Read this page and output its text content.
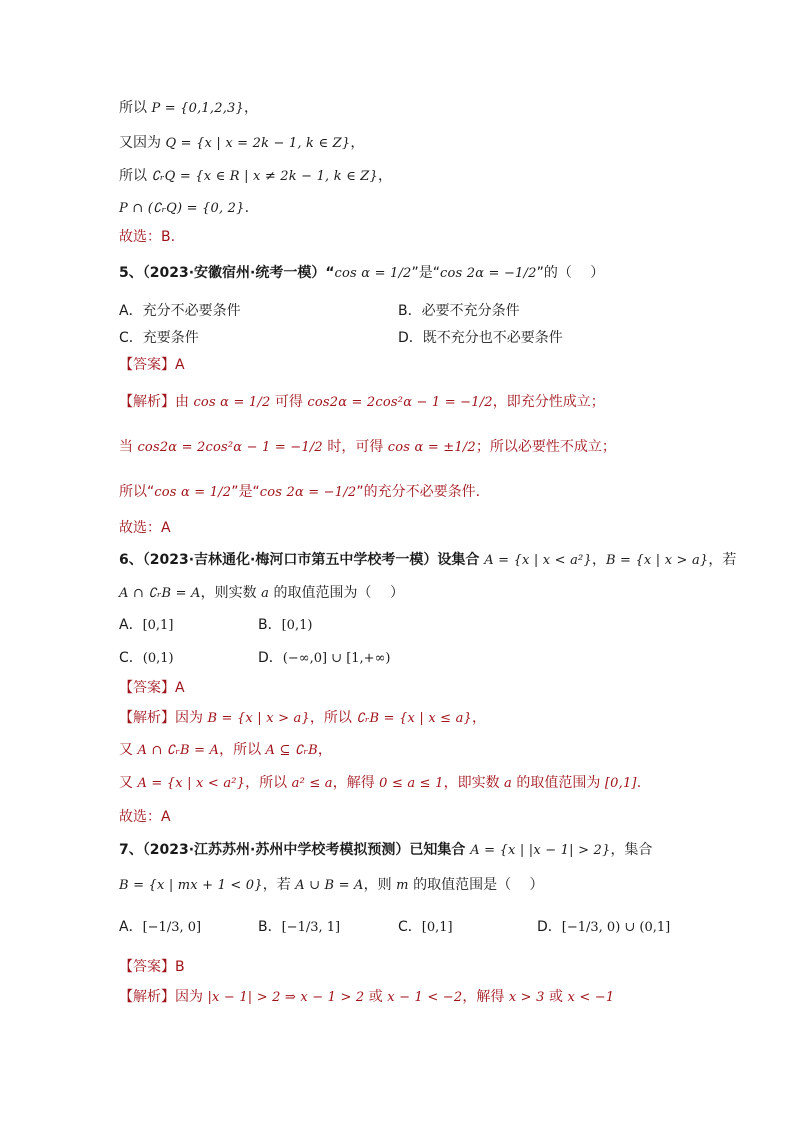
所以 P = {0,1,2,3}，
又因为 Q = {x | x = 2k − 1, k ∈ Z}，
所以 ∁ᵣQ = {x ∈ R | x ≠ 2k − 1, k ∈ Z}，
P ∩ (∁ᵣQ) = {0, 2}.
故选：B.
5、（2023·安徽宿州·统考一模）“cos α = 1/2”是“cos 2α = −1/2”的（　 ）
A．充分不必要条件	B．必要不充分条件
C．充要条件	D．既不充分也不必要条件
【答案】A
【解析】由 cos α = 1/2 可得 cos2α = 2cos²α − 1 = −1/2，即充分性成立；
当 cos2α = 2cos²α − 1 = −1/2 时，可得 cos α = ±1/2；所以必要性不成立；
所以“cos α = 1/2”是“cos 2α = −1/2”的充分不必要条件.
故选：A
6、（2023·吉林通化·梅河口市第五中学校考一模）设集合 A = {x | x < a²}，B = {x | x > a}，若
A ∩ ∁ᵣB = A，则实数 a 的取值范围为（　 ）
A．[0,1]	B．[0,1)
C．(0,1)	D．(−∞,0] ∪ [1,+∞)
【答案】A
【解析】因为 B = {x | x > a}，所以 ∁ᵣB = {x | x ≤ a}，
又 A ∩ ∁ᵣB = A，所以 A ⊆ ∁ᵣB，
又 A = {x | x < a²}，所以 a² ≤ a，解得 0 ≤ a ≤ 1，即实数 a 的取值范围为 [0,1].
故选：A
7、（2023·江苏苏州·苏州中学校考模拟预测）已知集合 A = {x | |x − 1| > 2}，集合
B = {x | mx + 1 < 0}，若 A ∪ B = A，则 m 的取值范围是（　 ）
A．[−1/3, 0]	B．[−1/3, 1]	C．[0,1]	D．[−1/3, 0) ∪ (0,1]
【答案】B
【解析】因为 |x − 1| > 2 ⇒ x − 1 > 2 或 x − 1 < −2，解得 x > 3 或 x < −1
